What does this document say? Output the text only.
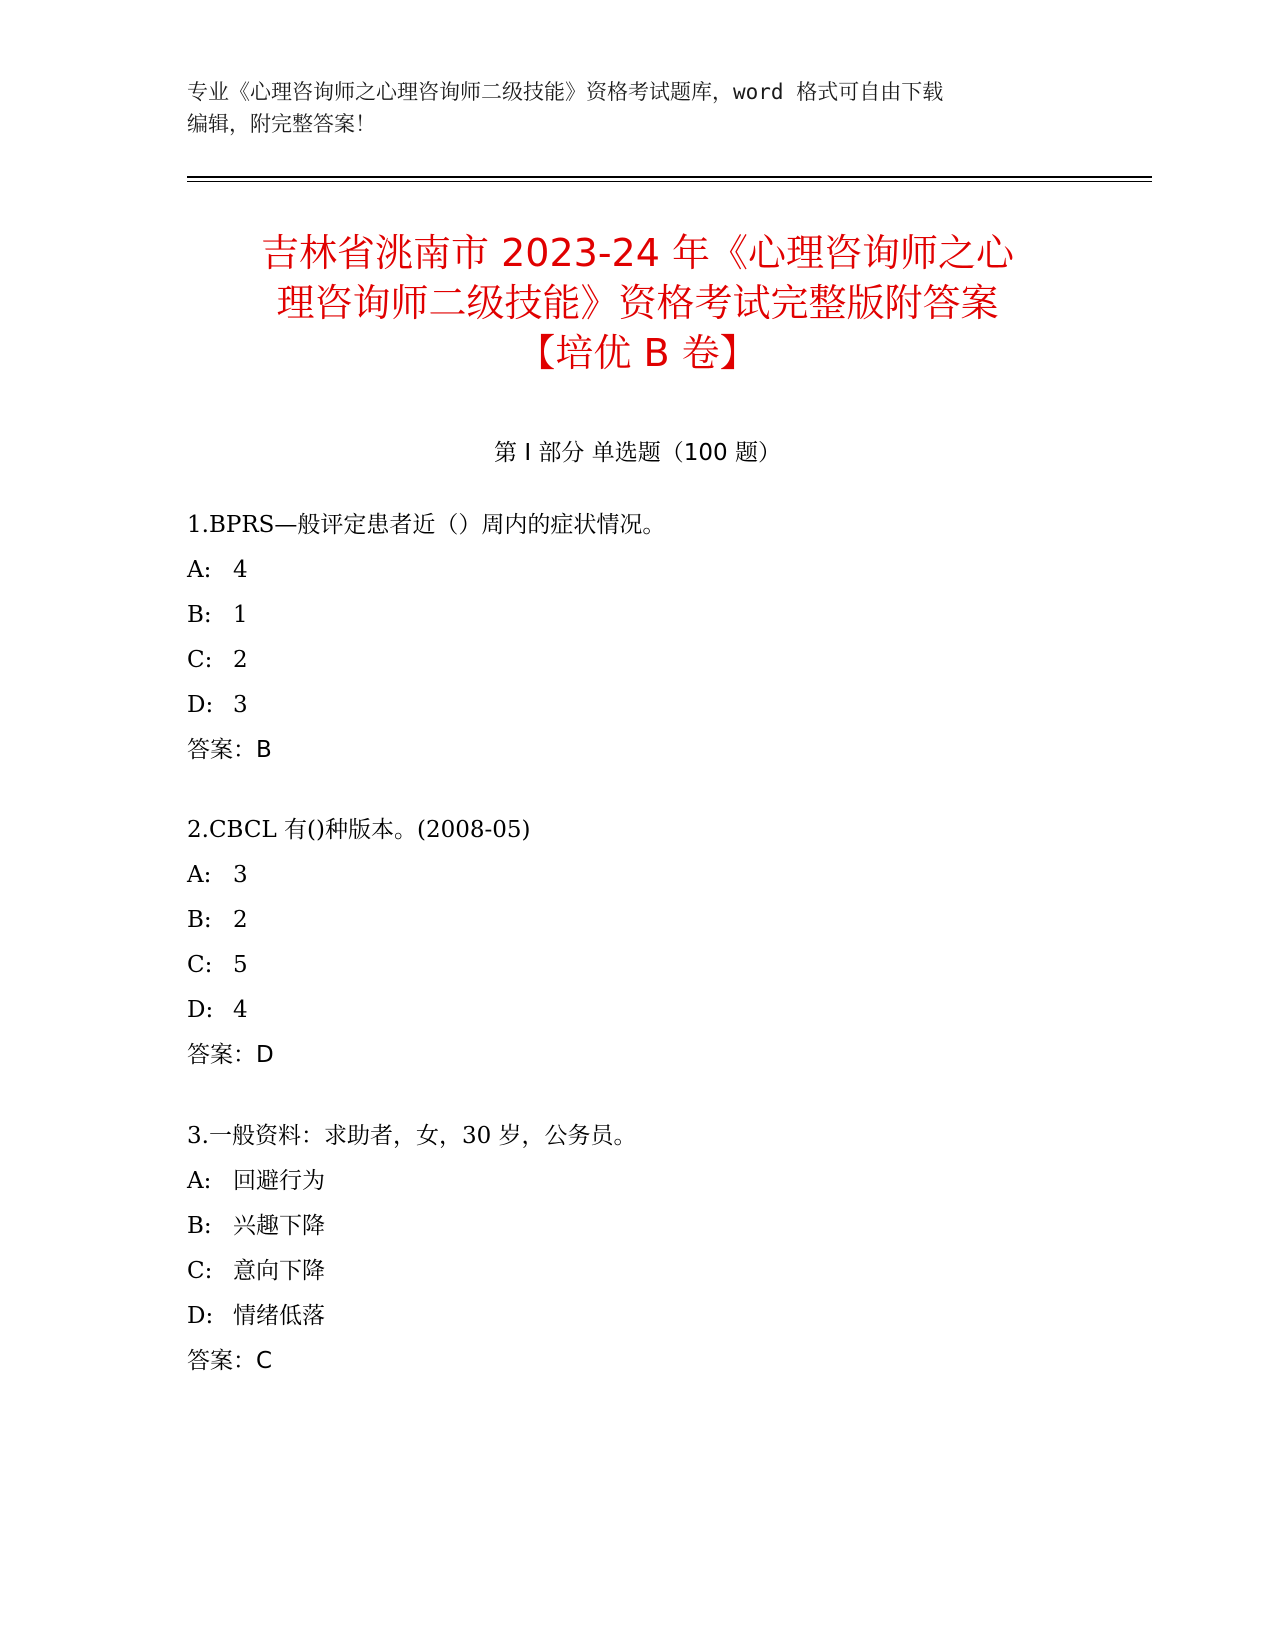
专业《心理咨询师之心理咨询师二级技能》资格考试题库，word 格式可自由下载
编辑，附完整答案！
吉林省洮南市 2023-24 年《心理咨询师之心
理咨询师二级技能》资格考试完整版附答案
【培优 B 卷】
第 I 部分 单选题（100 题）
1.BPRS—般评定患者近（）周内的症状情况。
A: 4
B: 1
C: 2
D: 3
答案：B
2.CBCL 有()种版本。(2008-05)
A: 3
B: 2
C: 5
D: 4
答案：D
3.一般资料：求助者，女，30 岁，公务员。
A: 回避行为
B: 兴趣下降
C: 意向下降
D: 情绪低落
答案：C
